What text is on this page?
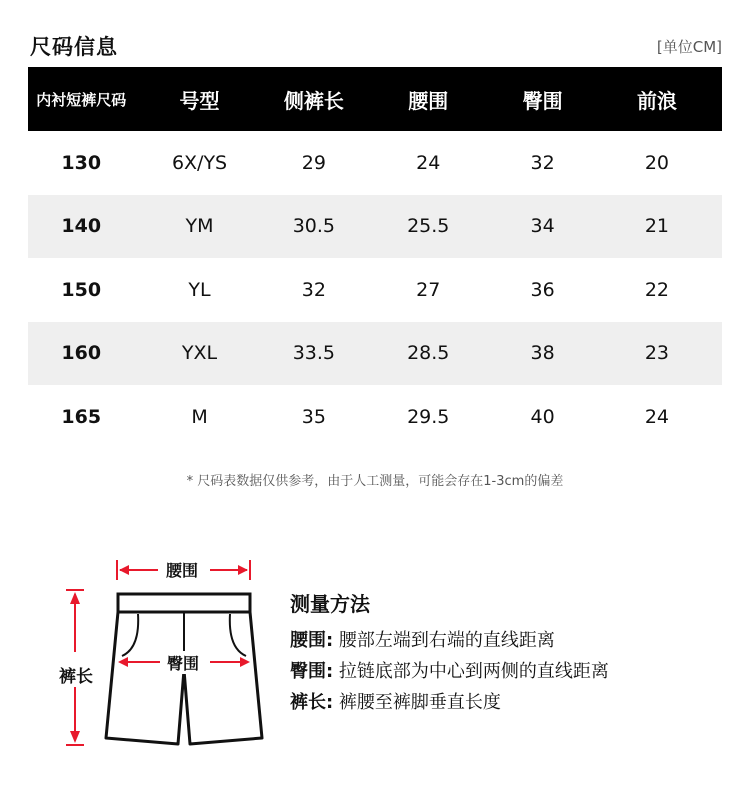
尺码信息	[单位CM]
内衬短裤尺码	号型	侧裤长	腰围	臀围	前浪
130	6X/YS	29	24	32	20
140	YM	30.5	25.5	34	21
150	YL	32	27	36	22
160	YXL	33.5	28.5	38	23
165	M	35	29.5	40	24
* 尺码表数据仅供参考，由于人工测量，可能会存在1-3cm的偏差
腰围
臀围
裤长
测量方法
腰围: 腰部左端到右端的直线距离
臀围: 拉链底部为中心到两侧的直线距离
裤长: 裤腰至裤脚垂直长度
